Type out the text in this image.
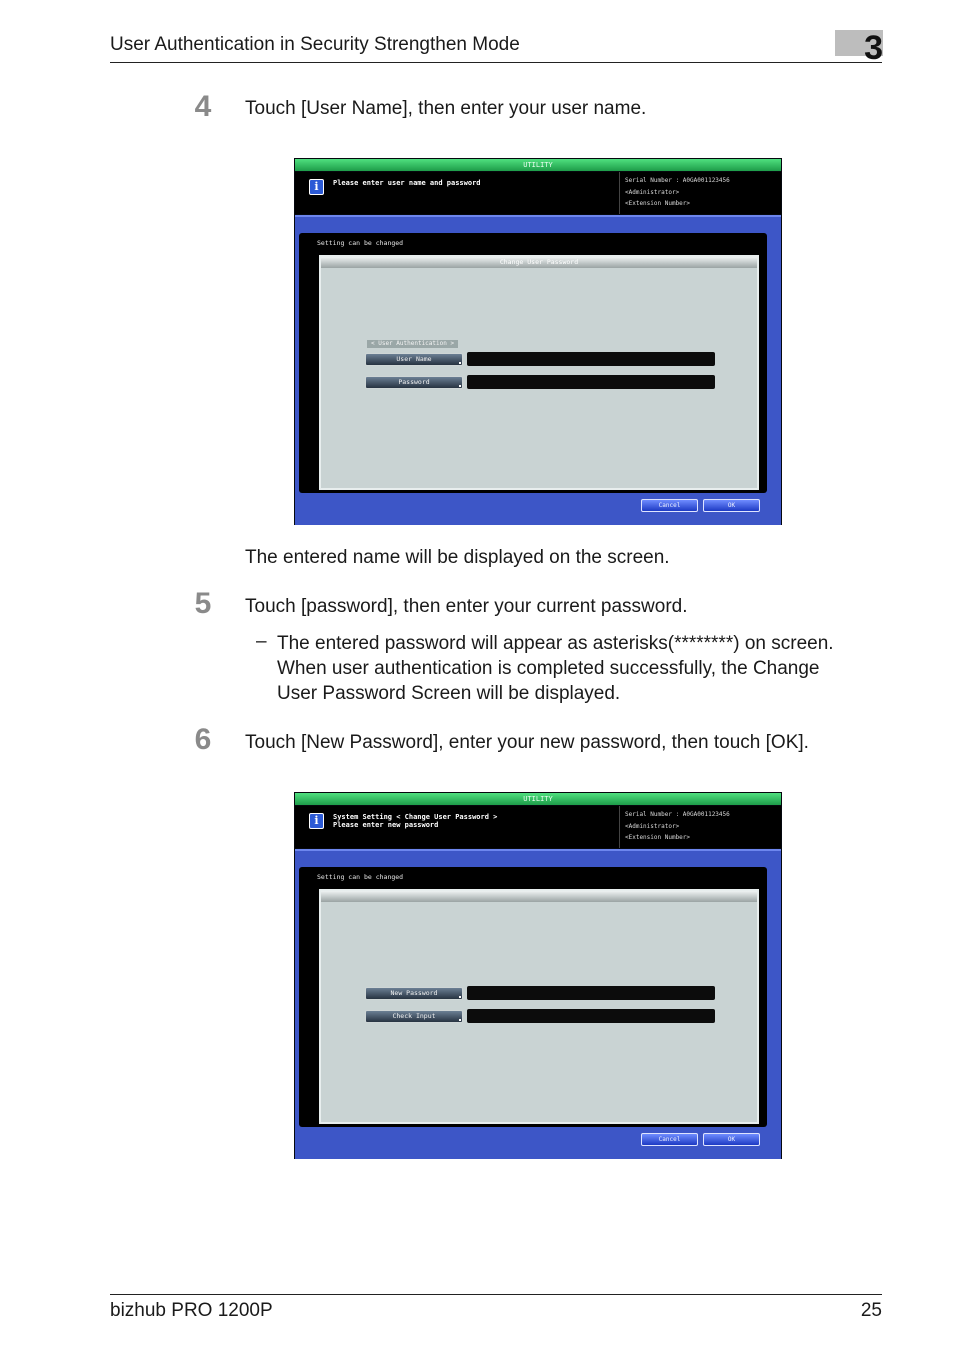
User Authentication in Security Strengthen Mode	3
4	Touch [User Name], then enter your user name.
UTILITY
i	Please enter user name and password	Serial Number : A0GA001123456
<Administrator>
<Extension Number>
Setting can be changed
Change User Password
< User Authentication >
User Name
Password
Cancel	OK
The entered name will be displayed on the screen.
5	Touch [password], then enter your current password.
– The entered password will appear as asterisks(********) on screen.
When user authentication is completed successfully, the Change
User Password Screen will be displayed.
6	Touch [New Password], enter your new password, then touch [OK].
UTILITY
i	System Setting < Change User Password >
Please enter new password
Serial Number : A0GA001123456
<Administrator>
<Extension Number>
Setting can be changed
New Password
Check Input
Cancel	OK
bizhub PRO 1200P	25
